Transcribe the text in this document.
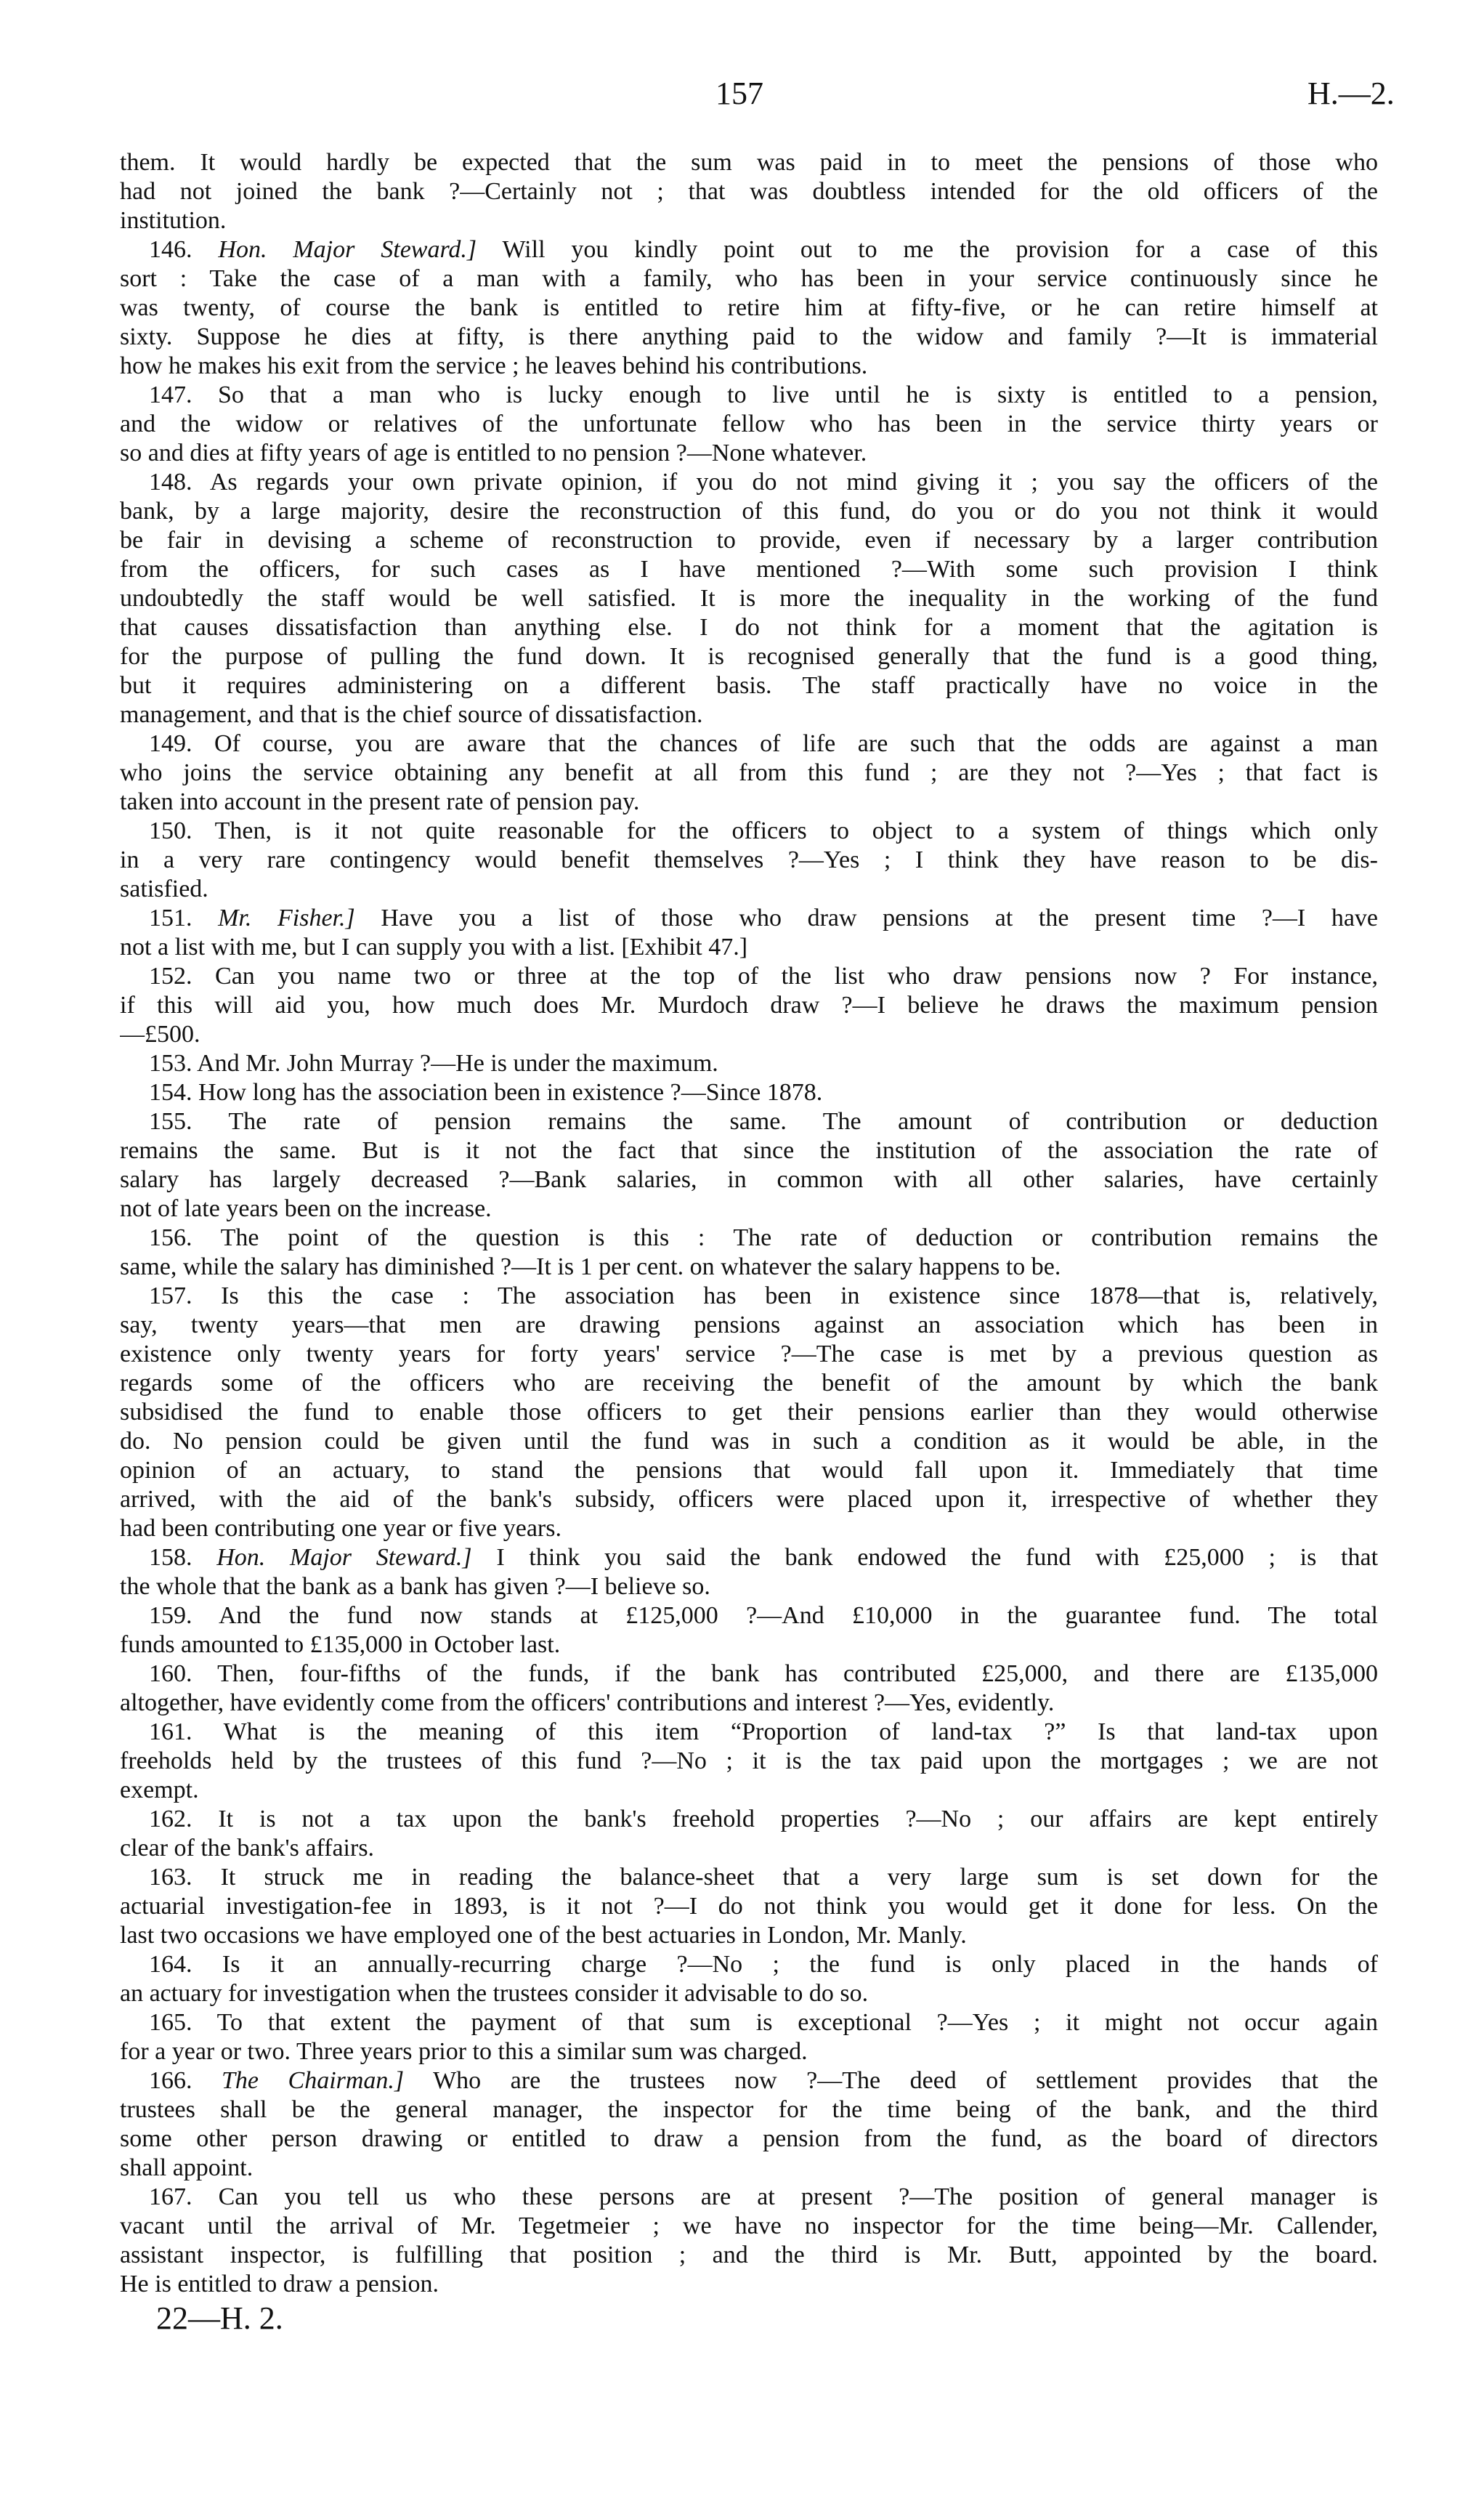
157	H.—2.
them. It would hardly be expected that the sum was paid in to meet the pensions of those who
had not joined the bank ?—Certainly not ; that was doubtless intended for the old officers of the
institution.
146. Hon. Major Steward.] Will you kindly point out to me the provision for a case of this
sort : Take the case of a man with a family, who has been in your service continuously since he
was twenty, of course the bank is entitled to retire him at fifty-five, or he can retire himself at
sixty. Suppose he dies at fifty, is there anything paid to the widow and family ?—It is immaterial
how he makes his exit from the service ; he leaves behind his contributions.
147. So that a man who is lucky enough to live until he is sixty is entitled to a pension,
and the widow or relatives of the unfortunate fellow who has been in the service thirty years or
so and dies at fifty years of age is entitled to no pension ?—None whatever.
148. As regards your own private opinion, if you do not mind giving it ; you say the officers of the
bank, by a large majority, desire the reconstruction of this fund, do you or do you not think it would
be fair in devising a scheme of reconstruction to provide, even if necessary by a larger contribution
from the officers, for such cases as I have mentioned ?—With some such provision I think
undoubtedly the staff would be well satisfied. It is more the inequality in the working of the fund
that causes dissatisfaction than anything else. I do not think for a moment that the agitation is
for the purpose of pulling the fund down. It is recognised generally that the fund is a good thing,
but it requires administering on a different basis. The staff practically have no voice in the
management, and that is the chief source of dissatisfaction.
149. Of course, you are aware that the chances of life are such that the odds are against a man
who joins the service obtaining any benefit at all from this fund ; are they not ?—Yes ; that fact is
taken into account in the present rate of pension pay.
150. Then, is it not quite reasonable for the officers to object to a system of things which only
in a very rare contingency would benefit themselves ?—Yes ; I think they have reason to be dis-
satisfied.
151. Mr. Fisher.] Have you a list of those who draw pensions at the present time ?—I have
not a list with me, but I can supply you with a list. [Exhibit 47.]
152. Can you name two or three at the top of the list who draw pensions now ? For instance,
if this will aid you, how much does Mr. Murdoch draw ?—I believe he draws the maximum pension
—£500.
153. And Mr. John Murray ?—He is under the maximum.
154. How long has the association been in existence ?—Since 1878.
155. The rate of pension remains the same. The amount of contribution or deduction
remains the same. But is it not the fact that since the institution of the association the rate of
salary has largely decreased ?—Bank salaries, in common with all other salaries, have certainly
not of late years been on the increase.
156. The point of the question is this : The rate of deduction or contribution remains the
same, while the salary has diminished ?—It is 1 per cent. on whatever the salary happens to be.
157. Is this the case : The association has been in existence since 1878—that is, relatively,
say, twenty years—that men are drawing pensions against an association which has been in
existence only twenty years for forty years' service ?—The case is met by a previous question as
regards some of the officers who are receiving the benefit of the amount by which the bank
subsidised the fund to enable those officers to get their pensions earlier than they would otherwise
do. No pension could be given until the fund was in such a condition as it would be able, in the
opinion of an actuary, to stand the pensions that would fall upon it. Immediately that time
arrived, with the aid of the bank's subsidy, officers were placed upon it, irrespective of whether they
had been contributing one year or five years.
158. Hon. Major Steward.] I think you said the bank endowed the fund with £25,000 ; is that
the whole that the bank as a bank has given ?—I believe so.
159. And the fund now stands at £125,000 ?—And £10,000 in the guarantee fund. The total
funds amounted to £135,000 in October last.
160. Then, four-fifths of the funds, if the bank has contributed £25,000, and there are £135,000
altogether, have evidently come from the officers' contributions and interest ?—Yes, evidently.
161. What is the meaning of this item “Proportion of land-tax ?” Is that land-tax upon
freeholds held by the trustees of this fund ?—No ; it is the tax paid upon the mortgages ; we are not
exempt.
162. It is not a tax upon the bank's freehold properties ?—No ; our affairs are kept entirely
clear of the bank's affairs.
163. It struck me in reading the balance-sheet that a very large sum is set down for the
actuarial investigation-fee in 1893, is it not ?—I do not think you would get it done for less. On the
last two occasions we have employed one of the best actuaries in London, Mr. Manly.
164. Is it an annually-recurring charge ?—No ; the fund is only placed in the hands of
an actuary for investigation when the trustees consider it advisable to do so.
165. To that extent the payment of that sum is exceptional ?—Yes ; it might not occur again
for a year or two. Three years prior to this a similar sum was charged.
166. The Chairman.] Who are the trustees now ?—The deed of settlement provides that the
trustees shall be the general manager, the inspector for the time being of the bank, and the third
some other person drawing or entitled to draw a pension from the fund, as the board of directors
shall appoint.
167. Can you tell us who these persons are at present ?—The position of general manager is
vacant until the arrival of Mr. Tegetmeier ; we have no inspector for the time being—Mr. Callender,
assistant inspector, is fulfilling that position ; and the third is Mr. Butt, appointed by the board.
He is entitled to draw a pension.
22—H. 2.
